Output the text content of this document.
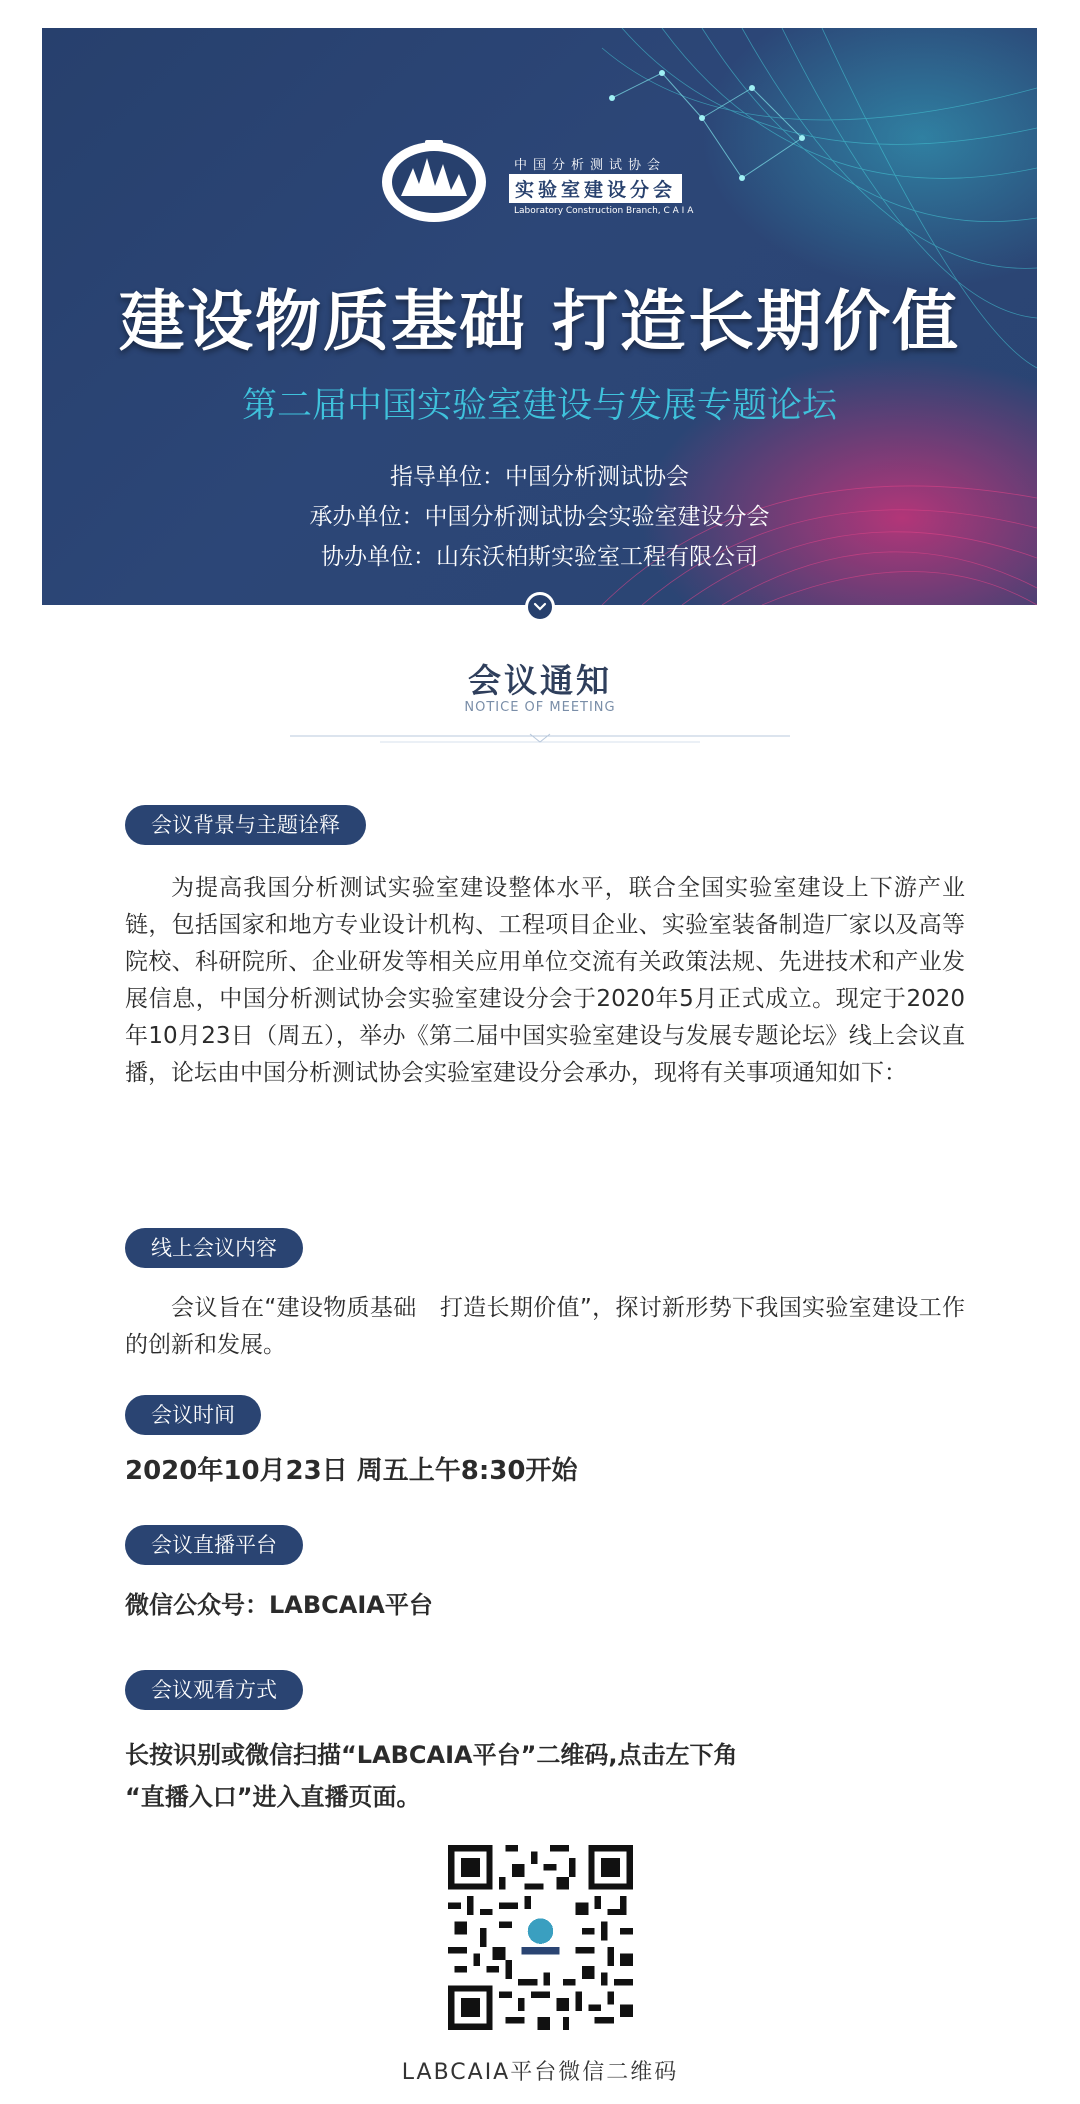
中国分析测试协会
实验室建设分会
Laboratory Construction Branch, C A I A
建设物质基础 打造长期价值
第二届中国实验室建设与发展专题论坛
指导单位：中国分析测试协会
承办单位：中国分析测试协会实验室建设分会
协办单位：山东沃柏斯实验室工程有限公司
会议通知
NOTICE OF MEETING
会议背景与主题诠释
为提高我国分析测试实验室建设整体水平，联合全国实验室建设上下游产业链，包括国家和地方专业设计机构、工程项目企业、实验室装备制造厂家以及高等院校、科研院所、企业研发等相关应用单位交流有关政策法规、先进技术和产业发展信息，中国分析测试协会实验室建设分会于2020年5月正式成立。现定于2020年10月23日（周五），举办《第二届中国实验室建设与发展专题论坛》线上会议直播，论坛由中国分析测试协会实验室建设分会承办，现将有关事项通知如下：
线上会议内容
会议旨在“建设物质基础　打造长期价值”，探讨新形势下我国实验室建设工作的创新和发展。
会议时间
2020年10月23日 周五上午8:30开始
会议直播平台
微信公众号：LABCAIA平台
会议观看方式
长按识别或微信扫描“LABCAIA平台”二维码,点击左下角
“直播入口”进入直播页面。
LABCAIA平台微信二维码
